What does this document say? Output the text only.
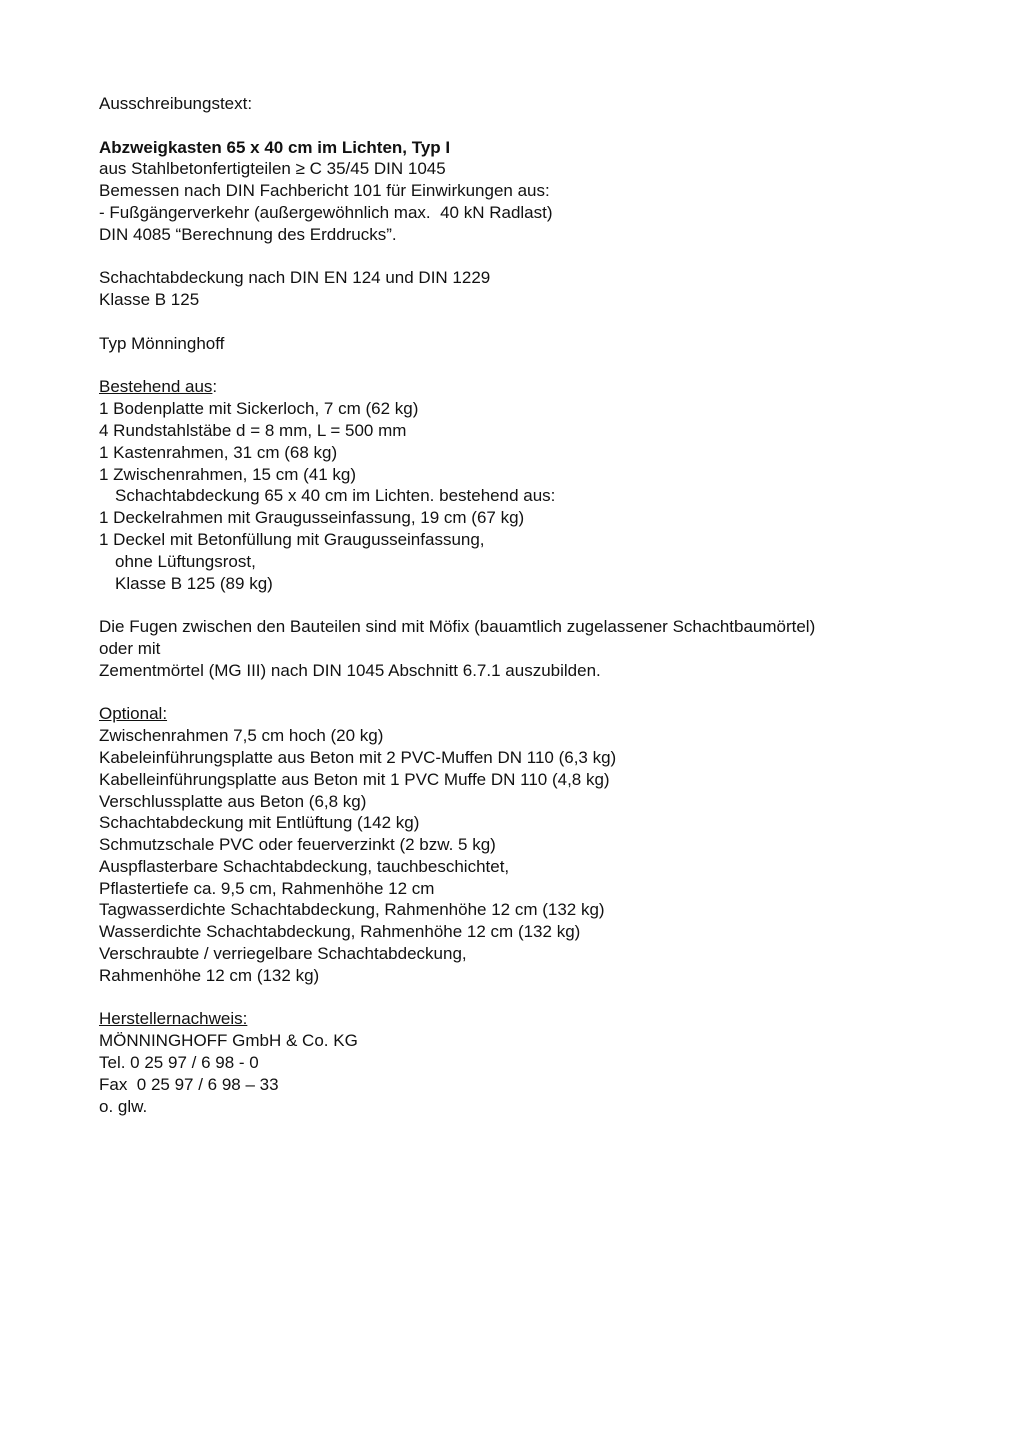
Ausschreibungstext:

Abzweigkasten 65 x 40 cm im Lichten, Typ I

aus Stahlbetonfertigteilen ≥ C 35/45 DIN 1045

Bemessen nach DIN Fachbericht 101 für Einwirkungen aus:

- Fußgängerverkehr (außergewöhnlich max.  40 kN Radlast)

DIN 4085 “Berechnung des Erddrucks”.

Schachtabdeckung nach DIN EN 124 und DIN 1229

Klasse B 125

Typ Mönninghoff

Bestehend aus:

1 Bodenplatte mit Sickerloch, 7 cm (62 kg)

4 Rundstahlstäbe d = 8 mm, L = 500 mm

1 Kastenrahmen, 31 cm (68 kg)

1 Zwischenrahmen, 15 cm (41 kg)

Schachtabdeckung 65 x 40 cm im Lichten. bestehend aus:

1 Deckelrahmen mit Graugusseinfassung, 19 cm (67 kg)

1 Deckel mit Betonfüllung mit Graugusseinfassung,

ohne Lüftungsrost,

Klasse B 125 (89 kg)

Die Fugen zwischen den Bauteilen sind mit Möfix (bauamtlich zugelassener Schachtbaumörtel)

oder mit

Zementmörtel (MG III) nach DIN 1045 Abschnitt 6.7.1 auszubilden.

Optional:

Zwischenrahmen 7,5 cm hoch (20 kg)

Kabeleinführungsplatte aus Beton mit 2 PVC-Muffen DN 110 (6,3 kg)

Kabelleinführungsplatte aus Beton mit 1 PVC Muffe DN 110 (4,8 kg)

Verschlussplatte aus Beton (6,8 kg)

Schachtabdeckung mit Entlüftung (142 kg)

Schmutzschale PVC oder feuerverzinkt (2 bzw. 5 kg)

Auspflasterbare Schachtabdeckung, tauchbeschichtet,

Pflastertiefe ca. 9,5 cm, Rahmenhöhe 12 cm

Tagwasserdichte Schachtabdeckung, Rahmenhöhe 12 cm (132 kg)

Wasserdichte Schachtabdeckung, Rahmenhöhe 12 cm (132 kg)

Verschraubte / verriegelbare Schachtabdeckung,

Rahmenhöhe 12 cm (132 kg)

Herstellernachweis:

MÖNNINGHOFF GmbH & Co. KG

Tel. 0 25 97 / 6 98 - 0

Fax  0 25 97 / 6 98 – 33

o. glw.
